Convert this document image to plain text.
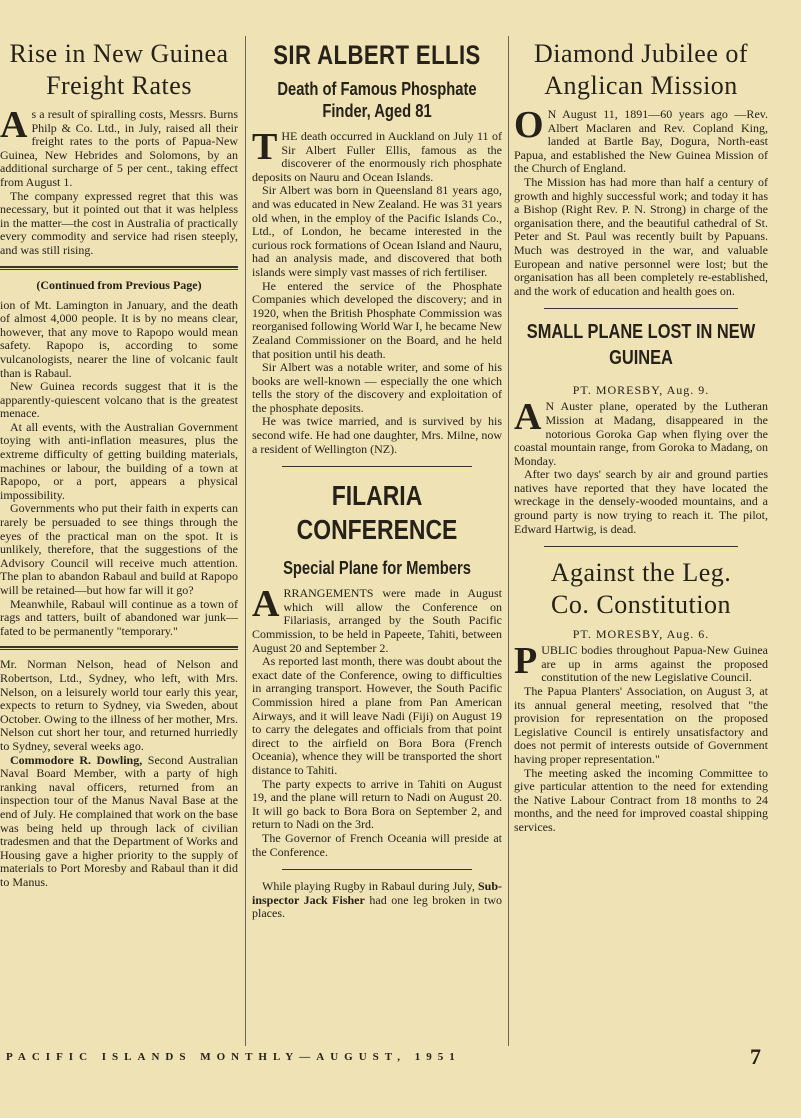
Rise in New Guinea
Freight Rates

As a result of spiralling costs, Messrs. Burns Philp & Co. Ltd., in July, raised all their freight rates to the ports of Papua-New Guinea, New Hebrides and Solomons, by an additional surcharge of 5 per cent., taking effect from August 1.

The company expressed regret that this was necessary, but it pointed out that it was helpless in the matter—the cost in Australia of practically every commodity and service had risen steeply, and was still rising.

(Continued from Previous Page)

ion of Mt. Lamington in January, and the death of almost 4,000 people. It is by no means clear, however, that any move to Rapopo would mean safety. Rapopo is, according to some vulcanologists, nearer the line of volcanic fault than is Rabaul.

New Guinea records suggest that it is the apparently-quiescent volcano that is the greatest menace.

At all events, with the Australian Government toying with anti-inflation measures, plus the extreme difficulty of getting building materials, machines or labour, the building of a town at Rapopo, or a port, appears a physical impossibility.

Governments who put their faith in experts can rarely be persuaded to see things through the eyes of the practical man on the spot. It is unlikely, therefore, that the suggestions of the Advisory Council will receive much attention. The plan to abandon Rabaul and build at Rapopo will be retained—but how far will it go?

Meanwhile, Rabaul will continue as a town of rags and tatters, built of abandoned war junk—fated to be permanently "temporary."

Mr. Norman Nelson, head of Nelson and Robertson, Ltd., Sydney, who left, with Mrs. Nelson, on a leisurely world tour early this year, expects to return to Sydney, via Sweden, about October. Owing to the illness of her mother, Mrs. Nelson cut short her tour, and returned hurriedly to Sydney, several weeks ago.

Commodore R. Dowling, Second Australian Naval Board Member, with a party of high ranking naval officers, returned from an inspection tour of the Manus Naval Base at the end of July. He complained that work on the base was being held up through lack of civilian tradesmen and that the Department of Works and Housing gave a higher priority to the supply of materials to Port Moresby and Rabaul than it did to Manus.

SIR ALBERT ELLIS
Death of Famous Phosphate Finder, Aged 81

THE death occurred in Auckland on July 11 of Sir Albert Fuller Ellis, famous as the discoverer of the enormously rich phosphate deposits on Nauru and Ocean Islands.

Sir Albert was born in Queensland 81 years ago, and was educated in New Zealand. He was 31 years old when, in the employ of the Pacific Islands Co., Ltd., of London, he became interested in the curious rock formations of Ocean Island and Nauru, had an analysis made, and discovered that both islands were simply vast masses of rich fertiliser.

He entered the service of the Phosphate Companies which developed the discovery; and in 1920, when the British Phosphate Commission was reorganised following World War I, he became New Zealand Commissioner on the Board, and he held that position until his death.

Sir Albert was a notable writer, and some of his books are well-known — especially the one which tells the story of the discovery and exploitation of the phosphate deposits.

He was twice married, and is survived by his second wife. He had one daughter, Mrs. Milne, now a resident of Wellington (NZ).

FILARIA CONFERENCE
Special Plane for Members

ARRANGEMENTS were made in August which will allow the Conference on Filariasis, arranged by the South Pacific Commission, to be held in Papeete, Tahiti, between August 20 and September 2.

As reported last month, there was doubt about the exact date of the Conference, owing to difficulties in arranging transport. However, the South Pacific Commission hired a plane from Pan American Airways, and it will leave Nadi (Fiji) on August 19 to carry the delegates and officials from that point direct to the airfield on Bora Bora (French Oceania), whence they will be transported the short distance to Tahiti.

The party expects to arrive in Tahiti on August 19, and the plane will return to Nadi on August 20. It will go back to Bora Bora on September 2, and return to Nadi on the 3rd.

The Governor of French Oceania will preside at the Conference.

While playing Rugby in Rabaul during July, Sub-inspector Jack Fisher had one leg broken in two places.

Diamond Jubilee of
Anglican Mission

O N August 11, 1891—60 years ago —Rev. Albert Maclaren and Rev. Copland King, landed at Bartle Bay, Dogura, North-east Papua, and established the New Guinea Mission of the Church of England.

The Mission has had more than half a century of growth and highly successful work; and today it has a Bishop (Right Rev. P. N. Strong) in charge of the organisation there, and the beautiful cathedral of St. Peter and St. Paul was recently built by Papuans. Much was destroyed in the war, and valuable European and native personnel were lost; but the organisation has all been completely re-established, and the work of education and health goes on.

SMALL PLANE LOST IN NEW GUINEA
PT. MORESBY, Aug. 9.

A N Auster plane, operated by the Lutheran Mission at Madang, disappeared in the notorious Goroka Gap when flying over the coastal mountain range, from Goroka to Madang, on Monday.

After two days' search by air and ground parties natives have reported that they have located the wreckage in the densely-wooded mountains, and a ground party is now trying to reach it. The pilot, Edward Hartwig, is dead.

Against the Leg.
Co. Constitution
PT. MORESBY, Aug. 6.

PUBLIC bodies throughout Papua-New Guinea are up in arms against the proposed constitution of the new Legislative Council.

The Papua Planters' Association, on August 3, at its annual general meeting, resolved that "the provision for representation on the proposed Legislative Council is entirely unsatisfactory and does not permit of interests outside of Government having proper representation."

The meeting asked the incoming Committee to give particular attention to the need for extending the Native Labour Contract from 18 months to 24 months, and the need for improved coastal shipping services.

PACIFIC ISLANDS MONTHLY—AUGUST, 1951	7
